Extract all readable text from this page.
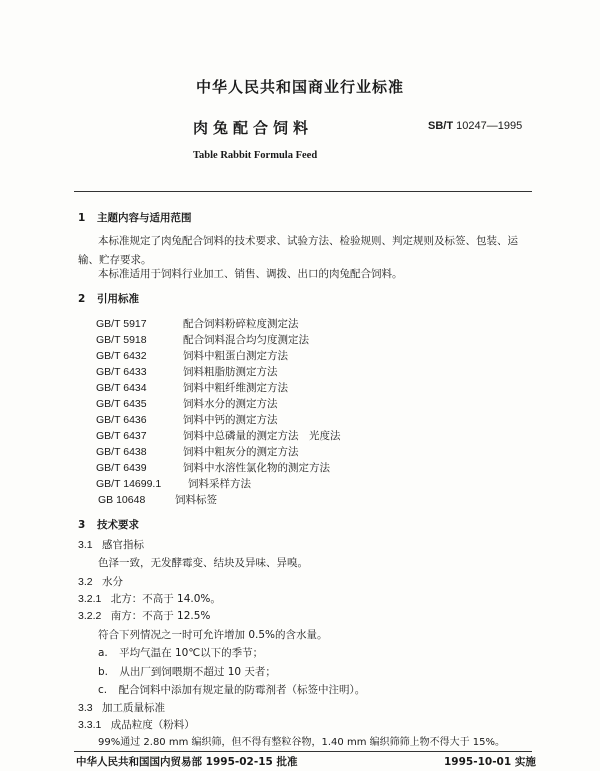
中华人民共和国商业行业标准
肉兔配合饲料	SB/T 10247—1995
Table Rabbit Formula Feed
1 主题内容与适用范围
本标准规定了肉兔配合饲料的技术要求、试验方法、检验规则、判定规则及标签、包装、运输、贮存要求。
本标准适用于饲料行业加工、销售、调拨、出口的肉兔配合饲料。
2 引用标准
GB/T 5917	配合饲料粉碎粒度测定法
GB/T 5918	配合饲料混合均匀度测定法
GB/T 6432	饲料中粗蛋白测定方法
GB/T 6433	饲料粗脂肪测定方法
GB/T 6434	饲料中粗纤维测定方法
GB/T 6435	饲料水分的测定方法
GB/T 6436	饲料中钙的测定方法
GB/T 6437	饲料中总磷量的测定方法　光度法
GB/T 6438	饲料中粗灰分的测定方法
GB/T 6439	饲料中水溶性氯化物的测定方法
GB/T 14699.1	饲料采样方法
GB 10648	饲料标签
3 技术要求
3.1 感官指标
色泽一致，无发酵霉变、结块及异味、异嗅。
3.2 水分
3.2.1 北方：不高于 14.0%。
3.2.2 南方：不高于 12.5%
符合下列情况之一时可允许增加 0.5%的含水量。
a. 平均气温在 10℃以下的季节；
b. 从出厂到饲喂期不超过 10 天者；
c. 配合饲料中添加有规定量的防霉剂者（标签中注明）。
3.3 加工质量标准
3.3.1 成品粒度（粉料）
99%通过 2.80 mm 编织筛，但不得有整粒谷物，1.40 mm 编织筛筛上物不得大于 15%。
中华人民共和国国内贸易部 1995-02-15 批准	1995-10-01 实施
